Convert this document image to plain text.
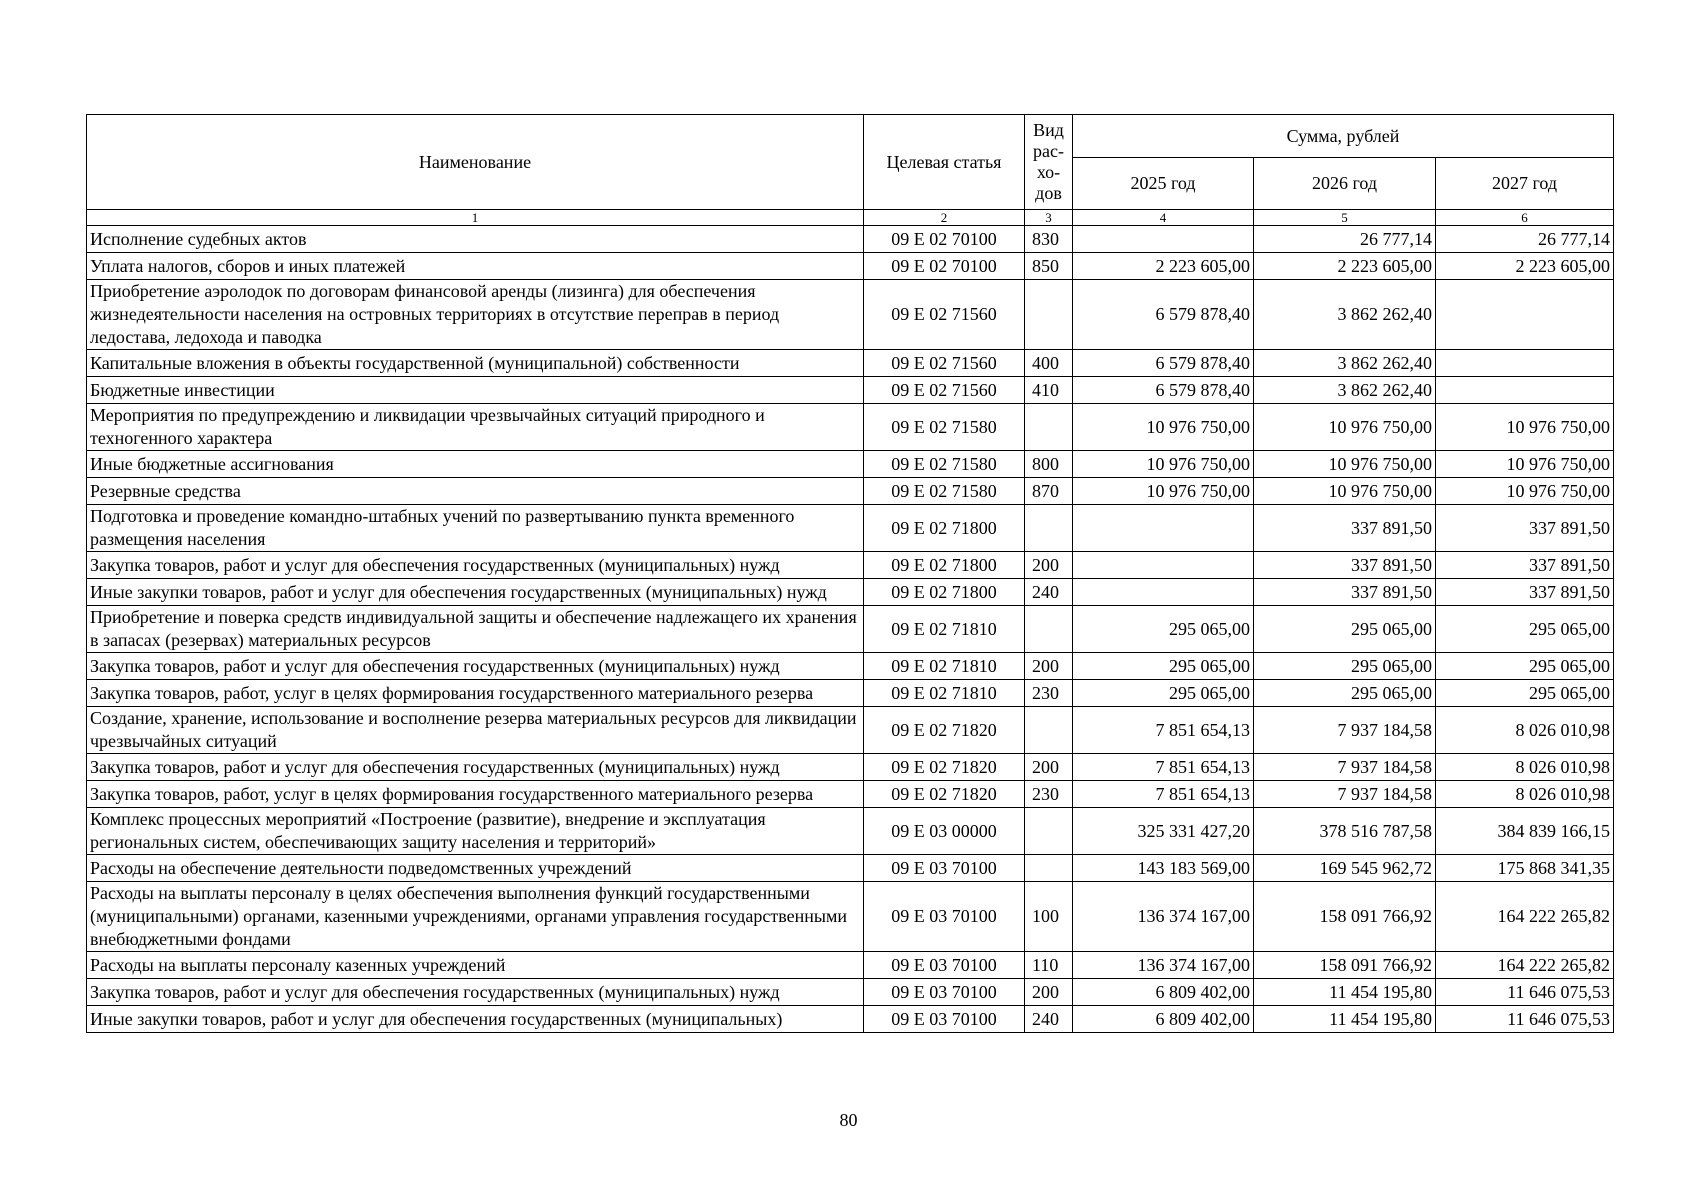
Наименование	Целевая статья	Вид
рас-
хо-
дов	Сумма, рублей		
			2025 год	2026 год	2027 год
1	2	3	4	5	6
Исполнение судебных актов	09 Е 02 70100	830		26 777,14	26 777,14
Уплата налогов, сборов и иных платежей	09 Е 02 70100	850	2 223 605,00	2 223 605,00	2 223 605,00
Приобретение аэролодок по договорам финансовой аренды (лизинга) для обеспечения жизнедеятельности населения на островных территориях в отсутствие переправ в период ледостава, ледохода и паводка	09 Е 02 71560		6 579 878,40	3 862 262,40	
Капитальные вложения в объекты государственной (муниципальной) собственности	09 Е 02 71560	400	6 579 878,40	3 862 262,40	
Бюджетные инвестиции	09 Е 02 71560	410	6 579 878,40	3 862 262,40	
Мероприятия по предупреждению и ликвидации чрезвычайных ситуаций природного и техногенного характера	09 Е 02 71580		10 976 750,00	10 976 750,00	10 976 750,00
Иные бюджетные ассигнования	09 Е 02 71580	800	10 976 750,00	10 976 750,00	10 976 750,00
Резервные средства	09 Е 02 71580	870	10 976 750,00	10 976 750,00	10 976 750,00
Подготовка и проведение командно-штабных учений по развертыванию пункта временного размещения населения	09 Е 02 71800			337 891,50	337 891,50
Закупка товаров, работ и услуг для обеспечения государственных (муниципальных) нужд	09 Е 02 71800	200		337 891,50	337 891,50
Иные закупки товаров, работ и услуг для обеспечения государственных (муниципальных) нужд	09 Е 02 71800	240		337 891,50	337 891,50
Приобретение и поверка средств индивидуальной защиты и обеспечение надлежащего их хранения в запасах (резервах) материальных ресурсов	09 Е 02 71810		295 065,00	295 065,00	295 065,00
Закупка товаров, работ и услуг для обеспечения государственных (муниципальных) нужд	09 Е 02 71810	200	295 065,00	295 065,00	295 065,00
Закупка товаров, работ, услуг в целях формирования государственного материального резерва	09 Е 02 71810	230	295 065,00	295 065,00	295 065,00
Создание, хранение, использование и восполнение резерва материальных ресурсов для ликвидации чрезвычайных ситуаций	09 Е 02 71820		7 851 654,13	7 937 184,58	8 026 010,98
Закупка товаров, работ и услуг для обеспечения государственных (муниципальных) нужд	09 Е 02 71820	200	7 851 654,13	7 937 184,58	8 026 010,98
Закупка товаров, работ, услуг в целях формирования государственного материального резерва	09 Е 02 71820	230	7 851 654,13	7 937 184,58	8 026 010,98
Комплекс процессных мероприятий «Построение (развитие), внедрение и эксплуатация региональных систем, обеспечивающих защиту населения и территорий»	09 Е 03 00000		325 331 427,20	378 516 787,58	384 839 166,15
Расходы на обеспечение деятельности подведомственных учреждений	09 Е 03 70100		143 183 569,00	169 545 962,72	175 868 341,35
Расходы на выплаты персоналу в целях обеспечения выполнения функций государственными (муниципальными) органами, казенными учреждениями, органами управления государственными внебюджетными фондами	09 Е 03 70100	100	136 374 167,00	158 091 766,92	164 222 265,82
Расходы на выплаты персоналу казенных учреждений	09 Е 03 70100	110	136 374 167,00	158 091 766,92	164 222 265,82
Закупка товаров, работ и услуг для обеспечения государственных (муниципальных) нужд	09 Е 03 70100	200	6 809 402,00	11 454 195,80	11 646 075,53
Иные закупки товаров, работ и услуг для обеспечения государственных (муниципальных)	09 Е 03 70100	240	6 809 402,00	11 454 195,80	11 646 075,53
80
